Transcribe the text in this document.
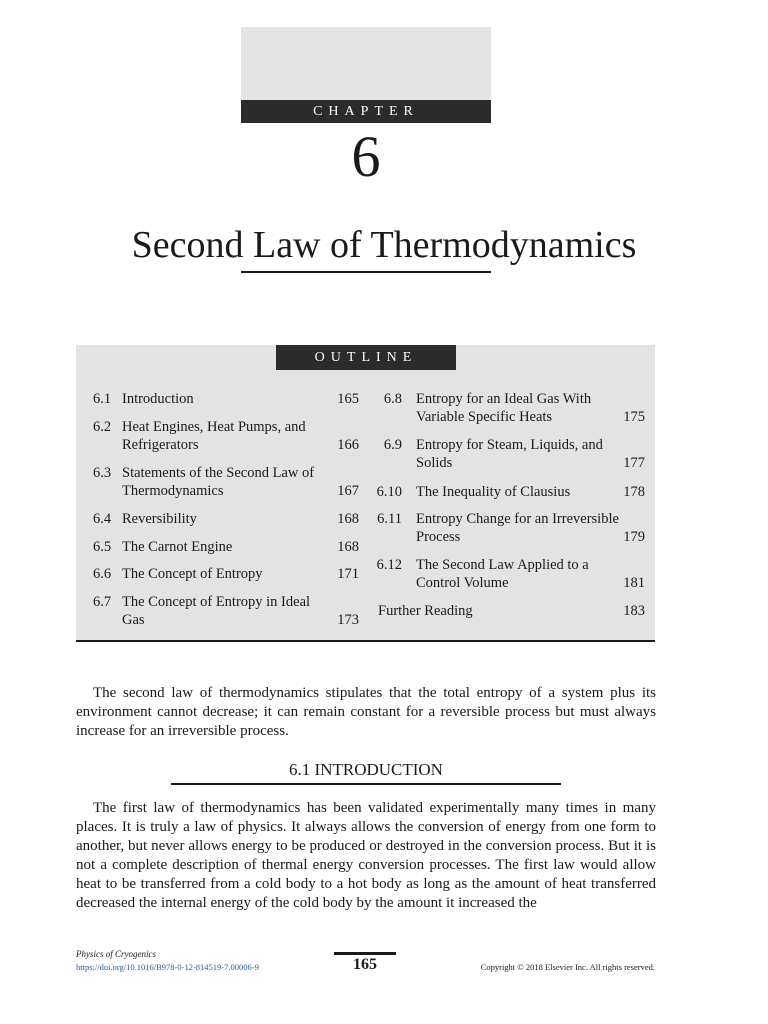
CHAPTER
6
Second Law of Thermodynamics
OUTLINE
6.1 Introduction	165
6.2 Heat Engines, Heat Pumps, and Refrigerators	166
6.3 Statements of the Second Law of Thermodynamics	167
6.4 Reversibility	168
6.5 The Carnot Engine	168
6.6 The Concept of Entropy	171
6.7 The Concept of Entropy in Ideal Gas	173
6.8 Entropy for an Ideal Gas With Variable Specific Heats	175
6.9 Entropy for Steam, Liquids, and Solids	177
6.10 The Inequality of Clausius	178
6.11 Entropy Change for an Irreversible Process	179
6.12 The Second Law Applied to a Control Volume	181
Further Reading	183

The second law of thermodynamics stipulates that the total entropy of a system plus its environment cannot decrease; it can remain constant for a reversible process but must always increase for an irreversible process.

6.1 INTRODUCTION

The first law of thermodynamics has been validated experimentally many times in many places. It is truly a law of physics. It always allows the conversion of energy from one form to another, but never allows energy to be produced or destroyed in the conversion process. But it is not a complete description of thermal energy conversion processes. The first law would allow heat to be transferred from a cold body to a hot body as long as the amount of heat transferred decreased the internal energy of the cold body by the amount it increased the

Physics of Cryogenics
https://doi.org/10.1016/B978-0-12-814519-7.00006-9	165	Copyright © 2018 Elsevier Inc. All rights reserved.
